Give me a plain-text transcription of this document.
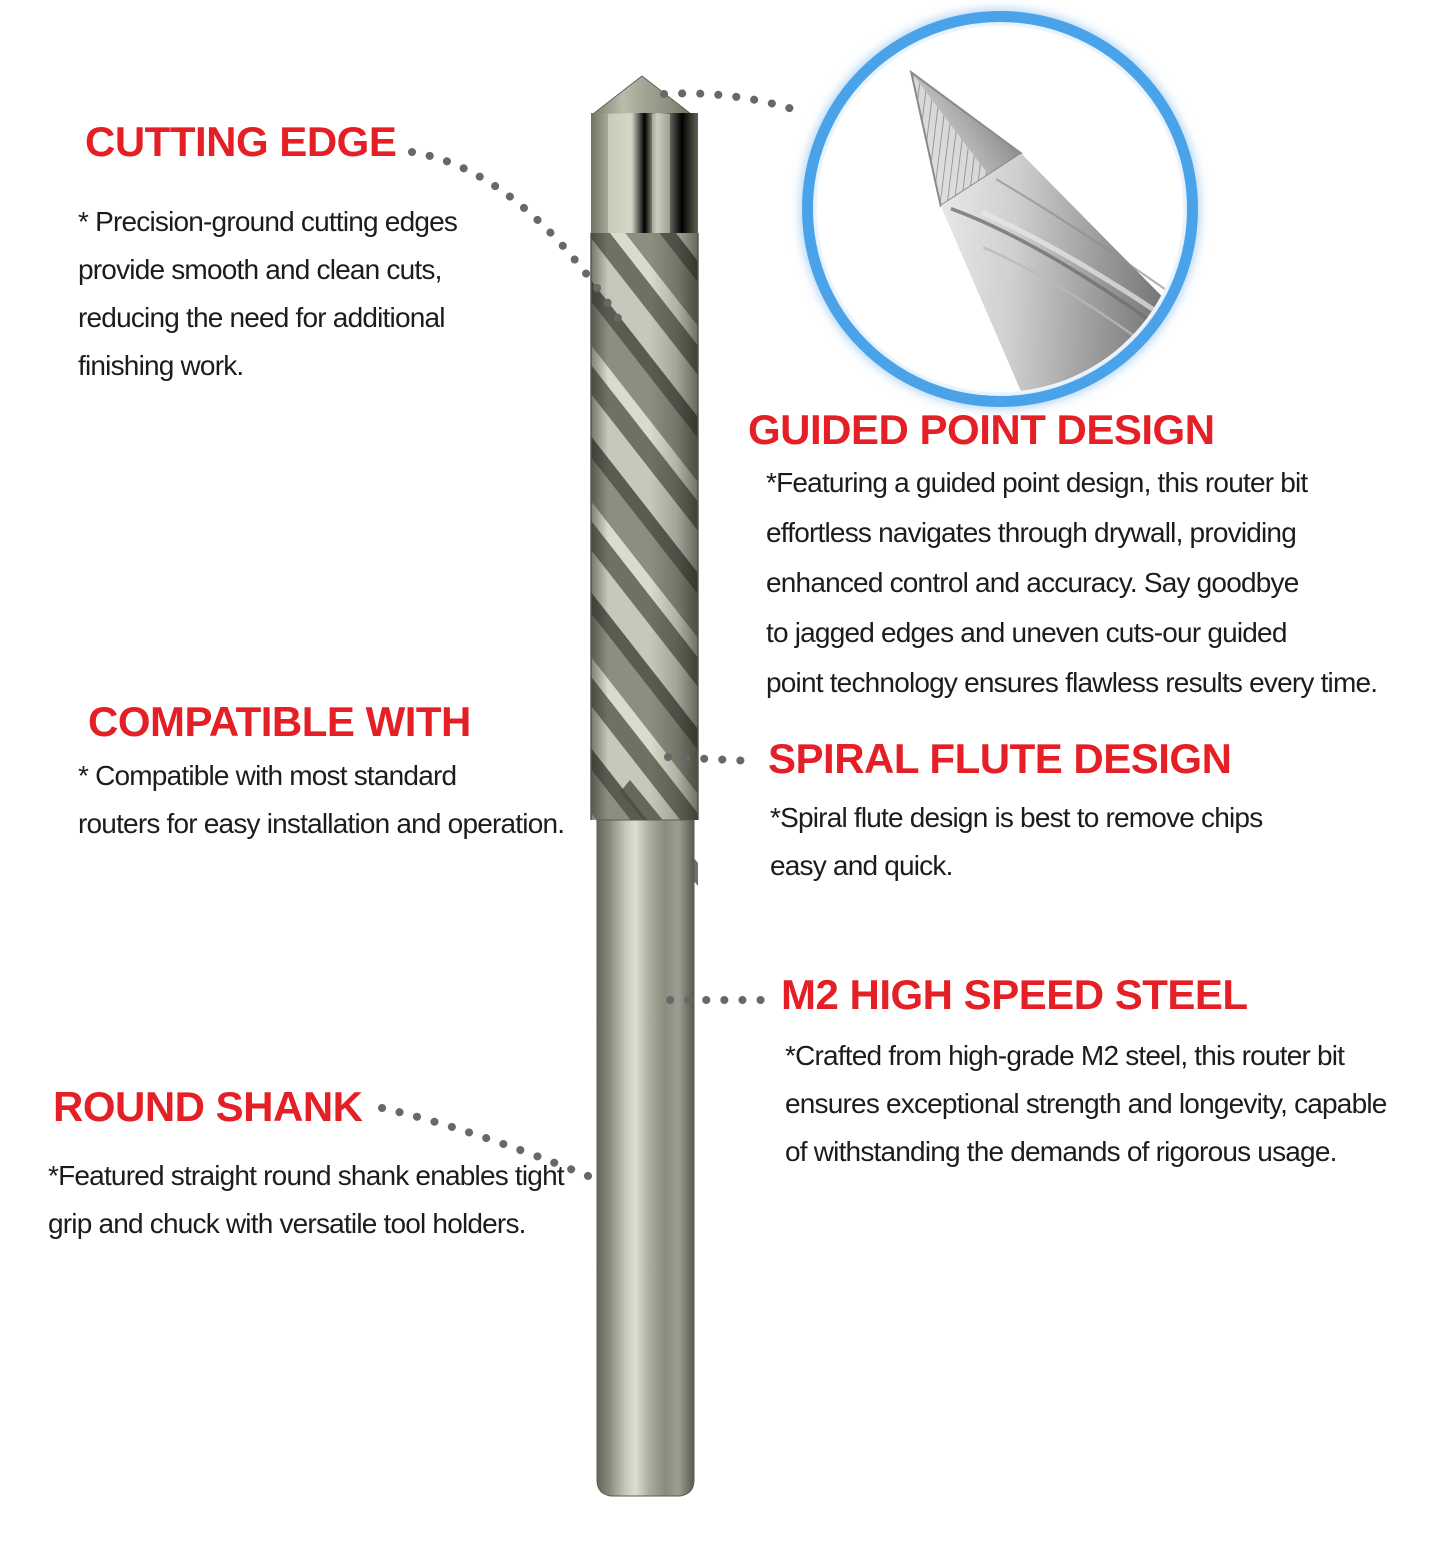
CUTTING EDGE
* Precision-ground cutting edges
provide smooth and clean cuts,
reducing the need for additional
finishing work.
GUIDED POINT DESIGN
*Featuring a guided point design, this router bit
effortless navigates through drywall, providing
enhanced control and accuracy. Say goodbye
to jagged edges and uneven cuts-our guided
point technology ensures flawless results every time.
COMPATIBLE WITH
* Compatible with most standard
routers for easy installation and operation.
SPIRAL FLUTE DESIGN
*Spiral flute design is best to remove chips
easy and quick.
M2 HIGH SPEED STEEL
*Crafted from high-grade M2 steel, this router bit
ensures exceptional strength and longevity, capable
of withstanding the demands of rigorous usage.
ROUND SHANK
*Featured straight round shank enables tight
grip and chuck with versatile tool holders.
